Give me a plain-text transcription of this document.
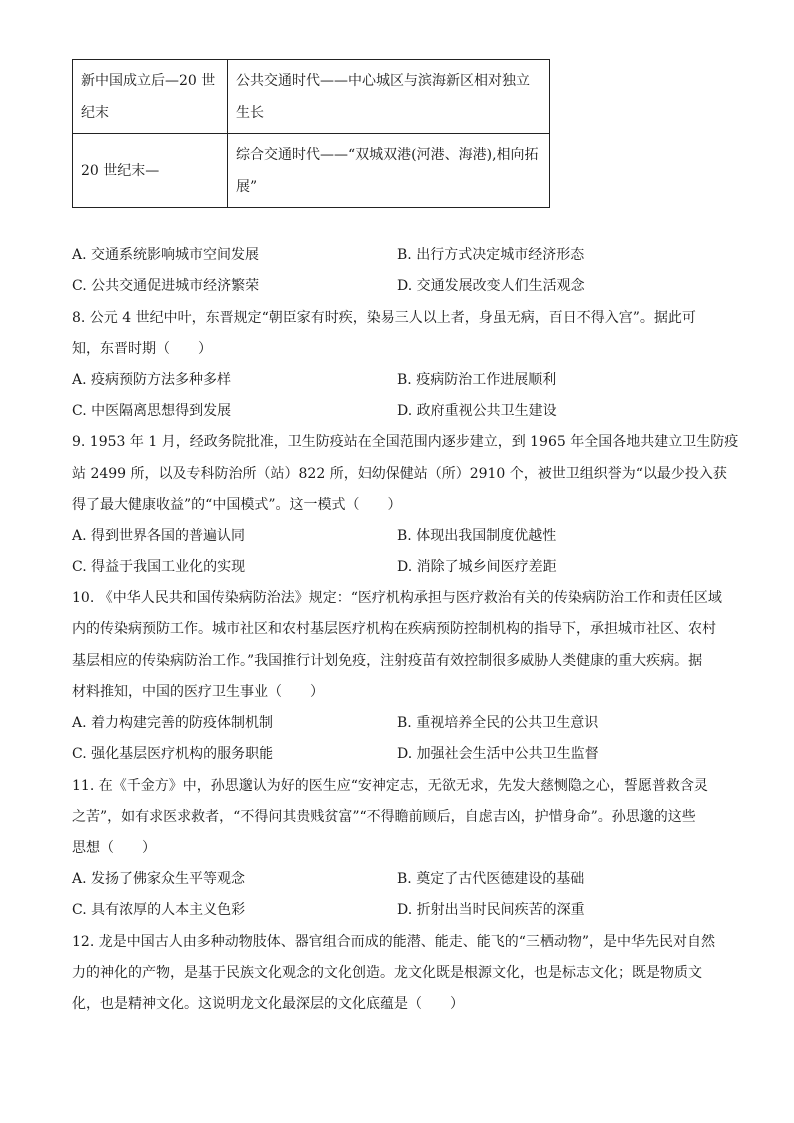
新中国成立后—20 世纪末	公共交通时代——中心城区与滨海新区相对独立生长
20 世纪末—	综合交通时代——“双城双港(河港、海港),相向拓展”
A. 交通系统影响城市空间发展	B. 出行方式决定城市经济形态
C. 公共交通促进城市经济繁荣	D. 交通发展改变人们生活观念
8. 公元 4 世纪中叶，东晋规定“朝臣家有时疾，染易三人以上者，身虽无病，百日不得入宫”。据此可
知，东晋时期（　　）
A. 疫病预防方法多种多样	B. 疫病防治工作进展顺利
C. 中医隔离思想得到发展	D. 政府重视公共卫生建设
9. 1953 年 1 月，经政务院批准，卫生防疫站在全国范围内逐步建立，到 1965 年全国各地共建立卫生防疫
站 2499 所，以及专科防治所（站）822 所，妇幼保健站（所）2910 个，被世卫组织誉为“以最少投入获
得了最大健康收益”的“中国模式”。这一模式（　　）
A. 得到世界各国的普遍认同	B. 体现出我国制度优越性
C. 得益于我国工业化的实现	D. 消除了城乡间医疗差距
10. 《中华人民共和国传染病防治法》规定：“医疗机构承担与医疗救治有关的传染病防治工作和责任区域
内的传染病预防工作。城市社区和农村基层医疗机构在疾病预防控制机构的指导下，承担城市社区、农村
基层相应的传染病防治工作。”我国推行计划免疫，注射疫苗有效控制很多威胁人类健康的重大疾病。据
材料推知，中国的医疗卫生事业（　　）
A. 着力构建完善的防疫体制机制	B. 重视培养全民的公共卫生意识
C. 强化基层医疗机构的服务职能	D. 加强社会生活中公共卫生监督
11. 在《千金方》中，孙思邈认为好的医生应“安神定志，无欲无求，先发大慈恻隐之心，誓愿普救含灵
之苦”，如有求医求救者，“不得问其贵贱贫富”“不得瞻前顾后，自虑吉凶，护惜身命”。孙思邈的这些
思想（　　）
A. 发扬了佛家众生平等观念	B. 奠定了古代医德建设的基础
C. 具有浓厚的人本主义色彩	D. 折射出当时民间疾苦的深重
12. 龙是中国古人由多种动物肢体、器官组合而成的能潜、能走、能飞的“三栖动物”，是中华先民对自然
力的神化的产物，是基于民族文化观念的文化创造。龙文化既是根源文化，也是标志文化；既是物质文
化，也是精神文化。这说明龙文化最深层的文化底蕴是（　　）
